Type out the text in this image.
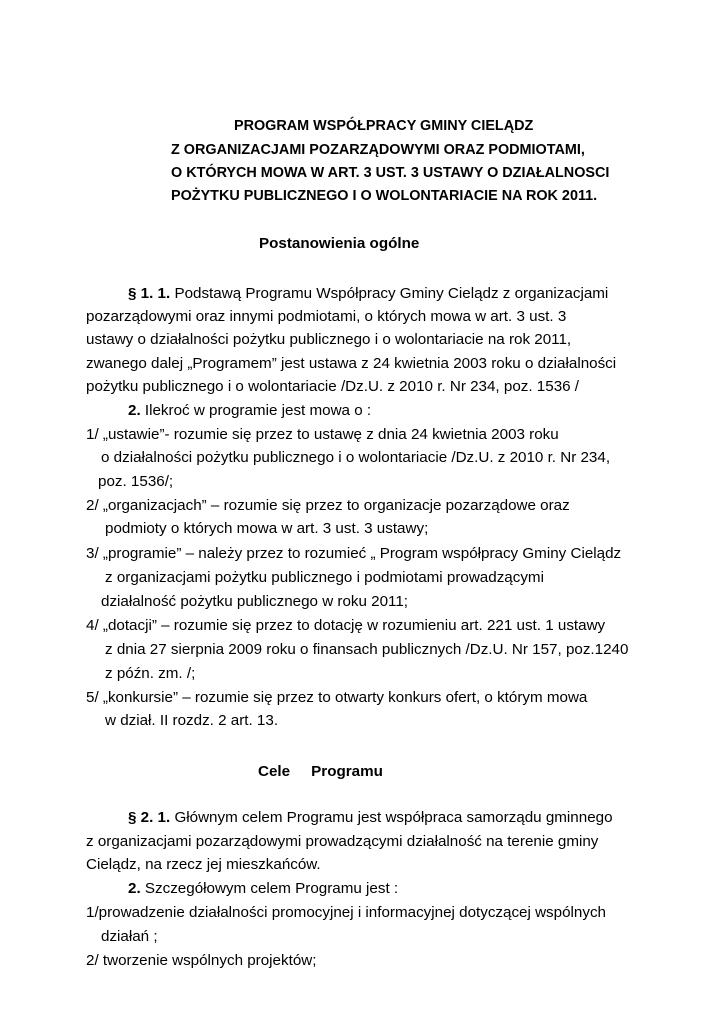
PROGRAM WSPÓŁPRACY GMINY CIELĄDZ
Z ORGANIZACJAMI POZARZĄDOWYMI ORAZ PODMIOTAMI,
O KTÓRYCH MOWA W ART. 3 UST. 3 USTAWY O DZIAŁALNOSCI
POŻYTKU PUBLICZNEGO I O WOLONTARIACIE NA ROK 2011.
Postanowienia ogólne
§ 1. 1. Podstawą Programu Współpracy Gminy Cielądz z organizacjami
pozarządowymi oraz innymi podmiotami, o których mowa w art. 3 ust. 3
ustawy o działalności pożytku publicznego i o wolontariacie na rok 2011,
zwanego dalej „Programem” jest ustawa z 24 kwietnia 2003 roku o działalności
pożytku publicznego i o wolontariacie /Dz.U. z 2010 r. Nr 234, poz. 1536 /
2. Ilekroć w programie jest mowa o :
1/ „ustawie”- rozumie się przez to ustawę z dnia 24 kwietnia 2003 roku
o działalności pożytku publicznego i o wolontariacie /Dz.U. z 2010 r. Nr 234,
poz. 1536/;
2/ „organizacjach” – rozumie się przez to organizacje pozarządowe oraz
podmioty o których mowa w art. 3 ust. 3 ustawy;
3/ „programie” – należy przez to rozumieć „ Program współpracy Gminy Cielądz
z organizacjami pożytku publicznego i podmiotami prowadzącymi
działalność pożytku publicznego w roku 2011;
4/ „dotacji” – rozumie się przez to dotację w rozumieniu art. 221 ust. 1 ustawy
z dnia 27 sierpnia 2009 roku o finansach publicznych /Dz.U. Nr 157, poz.1240
z późn. zm. /;
5/ „konkursie” – rozumie się przez to otwarty konkurs ofert, o którym mowa
w dział. II rozdz. 2 art. 13.
Cele     Programu
§ 2. 1. Głównym celem Programu jest współpraca samorządu gminnego
z organizacjami pozarządowymi prowadzącymi działalność na terenie gminy
Cielądz, na rzecz jej mieszkańców.
2. Szczegółowym celem Programu jest :
1/prowadzenie działalności promocyjnej i informacyjnej dotyczącej wspólnych
działań ;
2/ tworzenie wspólnych projektów;
